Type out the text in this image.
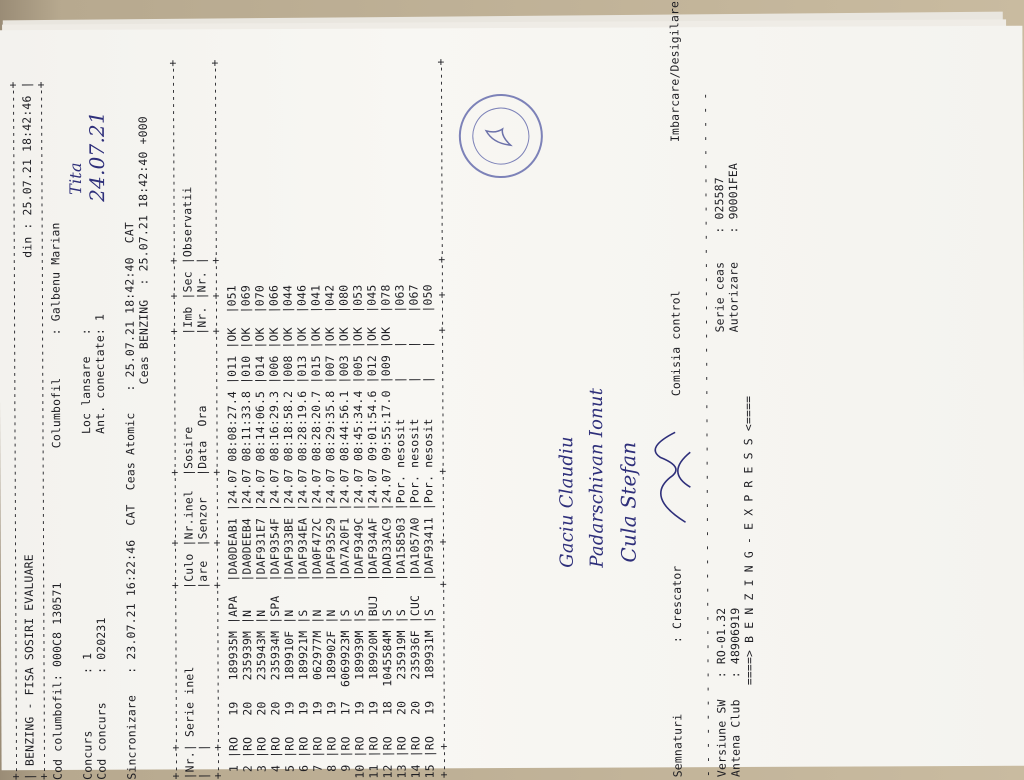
+-------------------------------------------------------------------------------------------------+ | BENZING - FISA SOSIRI EVALUARE                                          din : 25.07.21 18:42:46 | +-------------------------------------------------------------------------------------------------+ Cod columbofil: 000C8 130571                   Columbofil      : Galbenu Marian
Concurs        : 1                               Loc lansare   :
Cod concurs    : 020231                          Ant. conectate: 1
Tita 24.07.21
Sincronizare   : 23.07.21 16:22:46  CAT  Ceas Atomic   : 25.07.21 18:42:40  CAT
Ceas BENZING  : 25.07.21 18:42:40 +000 +---+----------------------+-----+---------+-------------------+----+----+---------------------------+
|Nr.| Serie inel           |Culo |Nr.inel  |Sosire             |Imb |Sec |Observatii
|   |                      |are  |Senzor   |Data  Ora          |Nr. |Nr. |
+---+----------------------+-----+---------+-------------------+----+----+---------------------------+ 1 |RO   19   189935M |APA  |DA0DEAB1 |24.07 08:08:27.4 |011 |OK  |051
2 |RO   20   235939M |N    |DA0DEEB4 |24.07 08:11:33.8 |010 |OK  |069
3 |RO   20   235943M |N    |DAF931E7 |24.07 08:14:06.5 |014 |OK  |070
4 |RO   20   235934M |SPA  |DAF9354F |24.07 08:16:29.3 |006 |OK  |066
5 |RO   19   189910F |N    |DAF933BE |24.07 08:18:58.2 |008 |OK  |044
6 |RO   19   189921M |S    |DAF934EA |24.07 08:28:19.6 |013 |OK  |046
7 |RO   19   062977M |N    |DA0F472C |24.07 08:28:20.7 |015 |OK  |041
8 |RO   19   189902F |N    |DAF93529 |24.07 08:29:35.8 |007 |OK  |042
9 |RO   17  6069923M |S    |DA7A20F1 |24.07 08:44:56.1 |003 |OK  |080
10 |RO   19   189939M |S    |DAF9349C |24.07 08:45:34.4 |005 |OK  |053
11 |RO   19   189920M |BUJ  |DAF934AF |24.07 09:01:54.6 |012 |OK  |045
12 |RO   18  1045584M |S    |DAD33AC9 |24.07 09:55:17.0 |009 |OK  |078
13 |RO   20   235919M |S    |DA158503 |Por. nesosit     |    |    |063
14 |RO   20   235936F |CUC  |DA1057A0 |Por. nesosit     |    |    |067
15 |RO   19   189931M |S    |DAF93411 |Por. nesosit     |    |    |050
+---+----------------------+-----+---------+-------------------+----+----+---------------------------+	Gaciu Claudiu Padarschivan Ionut Cula Stefan
Semnaturi          : Crescator                        Comisia control                     Imbarcare/Desigilare
- - - - - - - - - - - - - - - - - - - - - - - - - - - - - - - - - - - - - - - - - - - - - - - - - Versiune SW   : RO-01.32                                       Serie ceas    : 025587
Antena Club   : 48906919                                       Autorizare    : 90001FEA
====> B E N Z I N G - E X P R E S S <====
